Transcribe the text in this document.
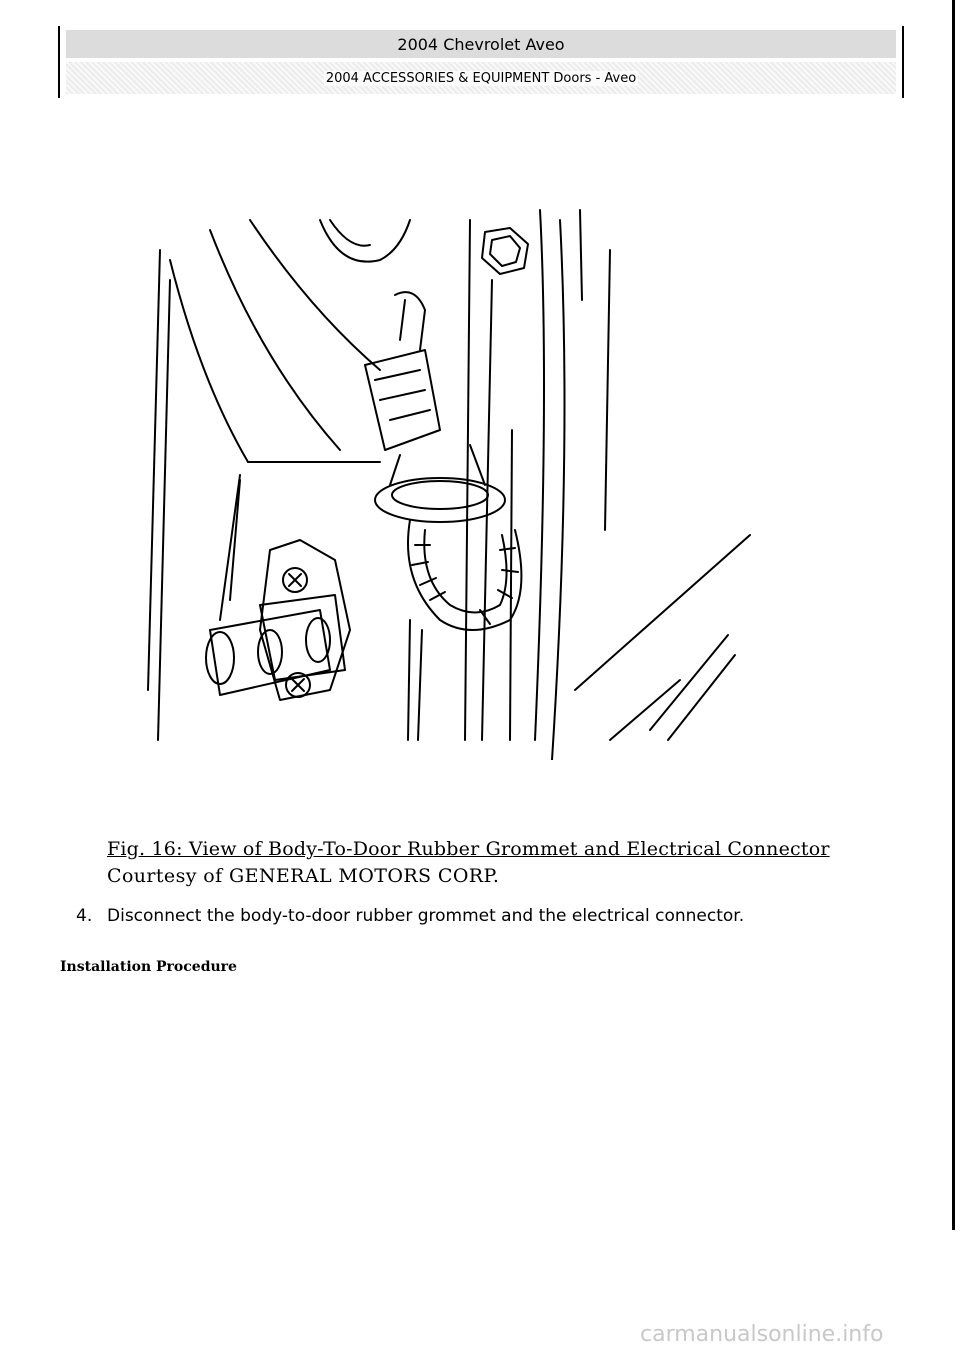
2004 Chevrolet Aveo
2004 ACCESSORIES & EQUIPMENT Doors - Aveo
Fig. 16: View of Body-To-Door Rubber Grommet and Electrical Connector
Courtesy of GENERAL MOTORS CORP.
4. Disconnect the body-to-door rubber grommet and the electrical connector.
Installation Procedure
carmanualsonline.info
